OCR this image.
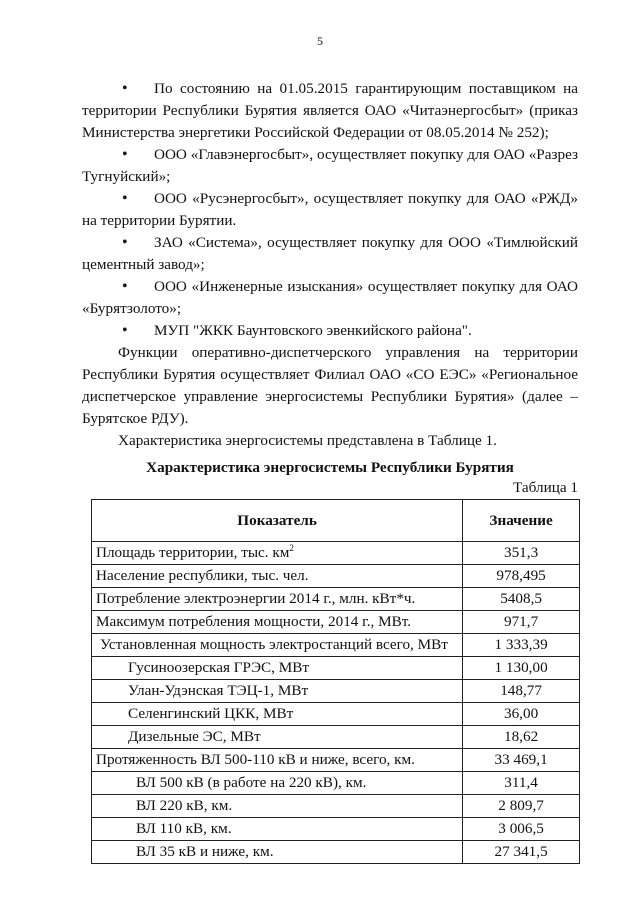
5

• По состоянию на 01.05.2015 гарантирующим поставщиком на территории Республики Бурятия является ОАО «Читаэнергосбыт» (приказ Министерства энергетики Российской Федерации от 08.05.2014 № 252);

• ООО «Главэнергосбыт», осуществляет покупку для ОАО «Разрез Тугнуйский»;

• ООО «Русэнергосбыт», осуществляет покупку для ОАО «РЖД» на территории Бурятии.

• ЗАО «Система», осуществляет покупку для ООО «Тимлюйский цементный завод»;

• ООО «Инженерные изыскания» осуществляет покупку для ОАО «Бурятзолото»;

• МУП "ЖКК Баунтовского эвенкийского района".

Функции оперативно-диспетчерского управления на территории Республики Бурятия осуществляет Филиал ОАО «СО ЕЭС» «Региональное диспетчерское управление энергосистемы Республики Бурятия» (далее – Бурятское РДУ).

Характеристика энергосистемы представлена в Таблице 1.

Характеристика энергосистемы Республики Бурятия
Таблица 1
Показатель	Значение
Площадь территории, тыс. $км^2$	351,3
Население республики, тыс. чел.	978,495
Потребление электроэнергии 2014 г., млн. кВт*ч.	5408,5
Максимум потребления мощности, 2014 г., МВт.	971,7
Установленная мощность электростанций всего, МВт	1 333,39
Гусиноозерская ГРЭС, МВт	1 130,00
Улан-Удэнская ТЭЦ-1, МВт	148,77
Селенгинский ЦКК, МВт	36,00
Дизельные ЭС, МВт	18,62
Протяженность ВЛ 500-110 кВ и ниже, всего, км.	33 469,1
ВЛ 500 кВ (в работе на 220 кВ), км.	311,4
ВЛ 220 кВ, км.	2 809,7
ВЛ 110 кВ, км.	3 006,5
ВЛ 35 кВ и ниже, км.	27 341,5
